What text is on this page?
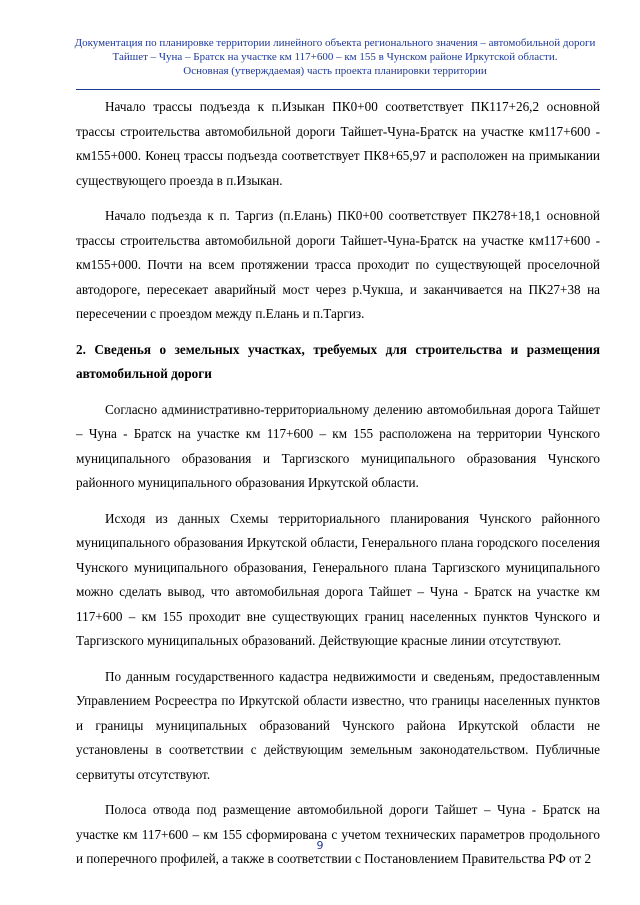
Документация по планировке территории линейного объекта регионального значения – автомобильной дороги
Тайшет – Чуна – Братск на участке км 117+600 – км 155 в Чунском районе Иркутской области.
Основная (утверждаемая) часть проекта планировки территории

Начало трассы подъезда к п.Изыкан ПК0+00 соответствует ПК117+26,2 основной трассы строительства автомобильной дороги Тайшет-Чуна-Братск на участке км117+600 - км155+000. Конец трассы подъезда соответствует ПК8+65,97 и расположен на примыкании существующего проезда в п.Изыкан.

Начало подъезда к п. Таргиз (п.Елань) ПК0+00 соответствует ПК278+18,1 основной трассы строительства автомобильной дороги Тайшет-Чуна-Братск на участке км117+600 - км155+000. Почти на всем протяжении трасса проходит по существующей проселочной автодороге, пересекает аварийный мост через р.Чукша, и заканчивается на ПК27+38 на пересечении с проездом между п.Елань и п.Таргиз.

2. Сведенья о земельных участках, требуемых для строительства и размещения автомобильной дороги

Согласно административно-территориальному делению автомобильная дорога Тайшет – Чуна - Братск на участке км 117+600 – км 155 расположена на территории Чунского муниципального образования и Таргизского муниципального образования Чунского районного муниципального образования Иркутской области.

Исходя из данных Схемы территориального планирования Чунского районного муниципального образования Иркутской области, Генерального плана городского поселения Чунского муниципального образования, Генерального плана Таргизского муниципального можно сделать вывод, что автомобильная дорога Тайшет – Чуна - Братск на участке км 117+600 – км 155 проходит вне существующих границ населенных пунктов Чунского и Таргизского муниципальных образований. Действующие красные линии отсутствуют.

По данным государственного кадастра недвижимости и сведеньям, предоставленным Управлением Росреестра по Иркутской области известно, что границы населенных пунктов и границы муниципальных образований Чунского района Иркутской области не установлены в соответствии с действующим земельным законодательством. Публичные сервитуты отсутствуют.

Полоса отвода под размещение автомобильной дороги Тайшет – Чуна - Братск на участке км 117+600 – км 155 сформирована с учетом технических параметров продольного и поперечного профилей, а также в соответствии с Постановлением Правительства РФ от 2

9
